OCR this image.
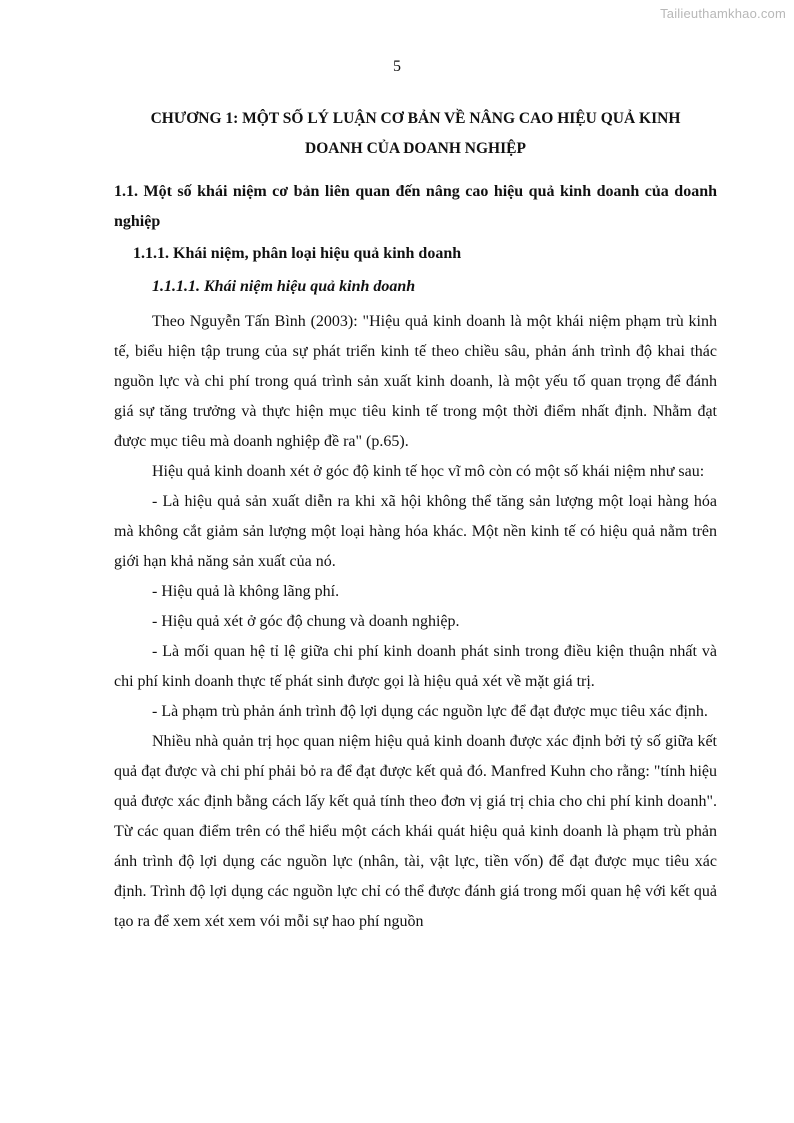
Tailieuthamkhao.com
5
CHƯƠNG 1: MỘT SỐ LÝ LUẬN CƠ BẢN VỀ NÂNG CAO HIỆU QUẢ KINH
DOANH CỦA DOANH NGHIỆP
1.1. Một số khái niệm cơ bản liên quan đến nâng cao hiệu quả kinh doanh của doanh nghiệp
1.1.1. Khái niệm, phân loại hiệu quả kinh doanh
1.1.1.1. Khái niệm hiệu quả kinh doanh

Theo Nguyễn Tấn Bình (2003): "Hiệu quả kinh doanh là một khái niệm phạm trù kinh tế, biểu hiện tập trung của sự phát triển kinh tế theo chiều sâu, phản ánh trình độ khai thác nguồn lực và chi phí trong quá trình sản xuất kinh doanh, là một yếu tố quan trọng để đánh giá sự tăng trưởng và thực hiện mục tiêu kinh tế trong một thời điểm nhất định. Nhằm đạt được mục tiêu mà doanh nghiệp đề ra" (p.65).

Hiệu quả kinh doanh xét ở góc độ kinh tế học vĩ mô còn có một số khái niệm như sau:

- Là hiệu quả sản xuất diễn ra khi xã hội không thể tăng sản lượng một loại hàng hóa mà không cắt giảm sản lượng một loại hàng hóa khác. Một nền kinh tế có hiệu quả nằm trên giới hạn khả năng sản xuất của nó.

- Hiệu quả là không lãng phí.

- Hiệu quả xét ở góc độ chung và doanh nghiệp.

- Là mối quan hệ tỉ lệ giữa chi phí kinh doanh phát sinh trong điều kiện thuận nhất và chi phí kinh doanh thực tế phát sinh được gọi là hiệu quả xét về mặt giá trị.

- Là phạm trù phản ánh trình độ lợi dụng các nguồn lực để đạt được mục tiêu xác định.

Nhiều nhà quản trị học quan niệm hiệu quả kinh doanh được xác định bởi tỷ số giữa kết quả đạt được và chi phí phải bỏ ra để đạt được kết quả đó. Manfred Kuhn cho rằng: "tính hiệu quả được xác định bằng cách lấy kết quả tính theo đơn vị giá trị chia cho chi phí kinh doanh". Từ các quan điểm trên có thể hiểu một cách khái quát hiệu quả kinh doanh là phạm trù phản ánh trình độ lợi dụng các nguồn lực (nhân, tài, vật lực, tiền vốn) để đạt được mục tiêu xác định. Trình độ lợi dụng các nguồn lực chỉ có thể được đánh giá trong mối quan hệ với kết quả tạo ra để xem xét xem vói mỗi sự hao phí nguồn
